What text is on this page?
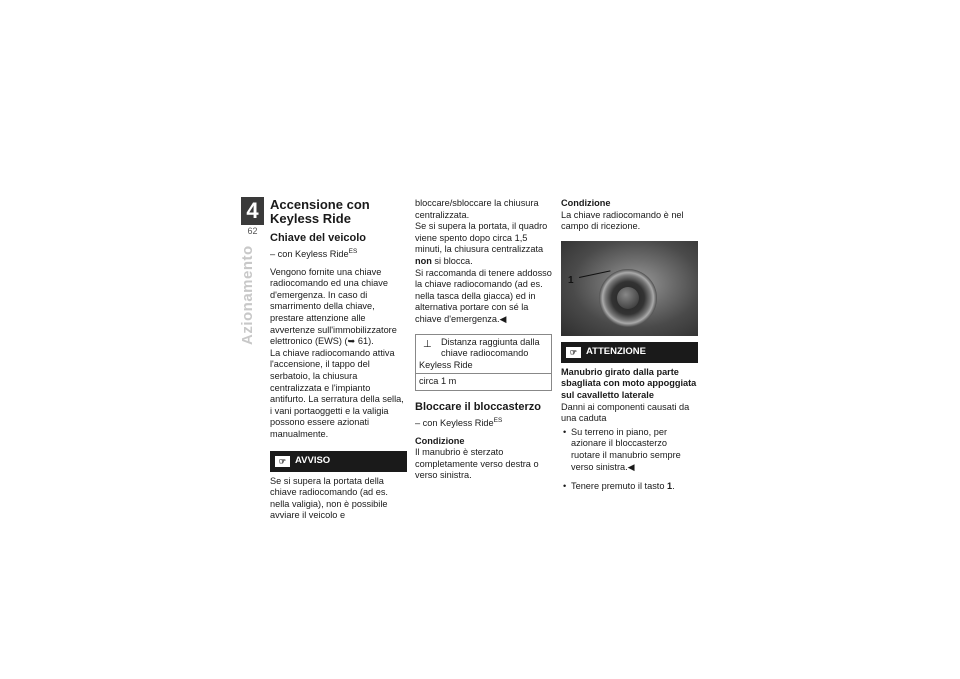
4
62
Azionamento
Accensione con
Keyless Ride
Chiave del veicolo

– con Keyless Ride$^{ES}$

Vengono fornite una chiave radiocomando ed una chiave d'emergenza. In caso di smarrimento della chiave, prestare attenzione alle avvertenze sull'immobilizzatore elettronico (EWS) (➥ 61).

La chiave radiocomando attiva l'accensione, il tappo del serbatoio, la chiusura centralizzata e l'impianto antifurto. La serratura della sella, i vani portaoggetti e la valigia possono essere azionati manualmente.

☞ AVVISO

Se si supera la portata della chiave radiocomando (ad es. nella valigia), non è possibile avviare il veicolo e

bloccare/sbloccare la chiusura centralizzata.

Se si supera la portata, il quadro viene spento dopo circa 1,5 minuti, la chiusura centralizzata non si blocca.

Si raccomanda di tenere addosso la chiave radiocomando (ad es. nella tasca della giacca) ed in alternativa portare con sé la chiave d'emergenza.◀

⊥	Distanza raggiunta dalla chiave radiocomando Keyless Ride
circa 1 m
Bloccare il bloccasterzo

– con Keyless Ride$^{ES}$

Condizione

Il manubrio è sterzato completamente verso destra o verso sinistra.

Condizione

La chiave radiocomando è nel campo di ricezione.

1
☞ ATTENZIONE

Manubrio girato dalla parte sbagliata con moto appoggiata sul cavalletto laterale

Danni ai componenti causati da una caduta

• Su terreno in piano, per azionare il bloccasterzo ruotare il manubrio sempre verso sinistra.◀
• Tenere premuto il tasto 1.
